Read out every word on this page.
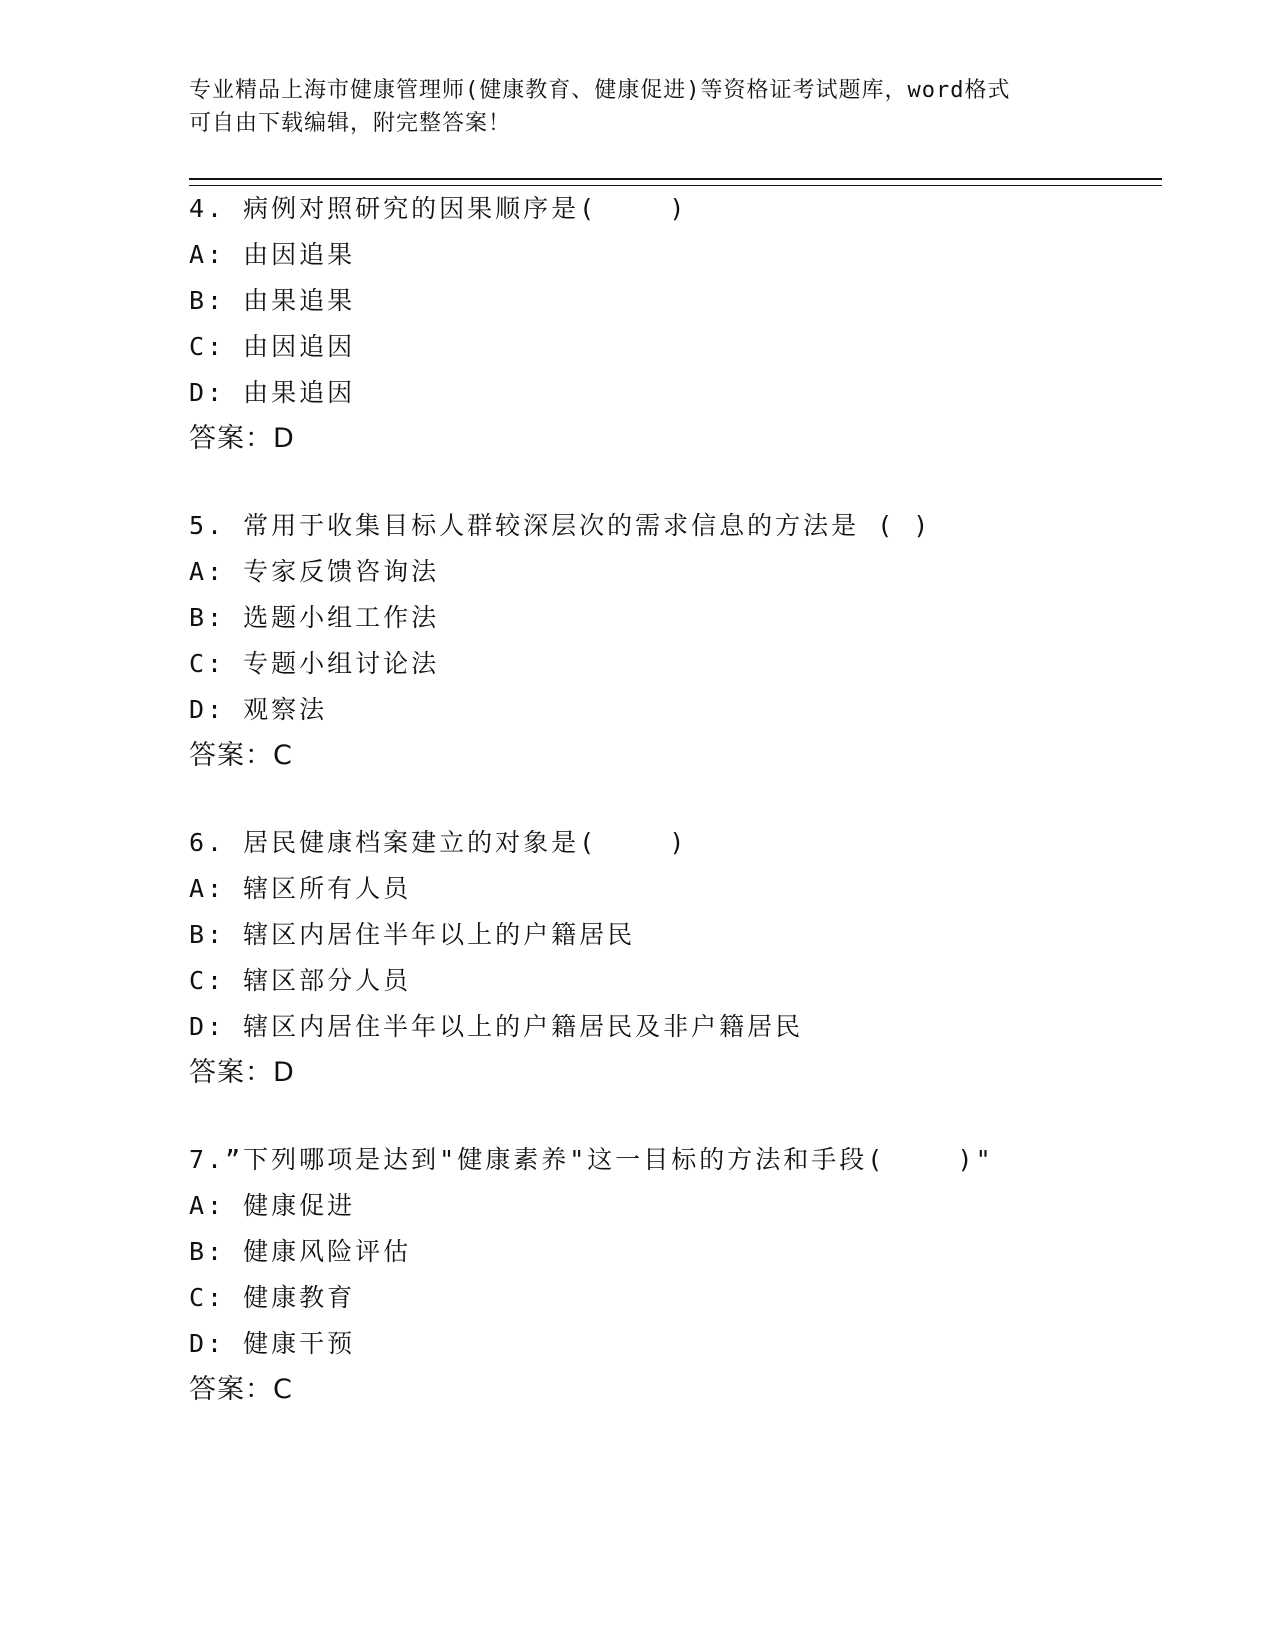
专业精品上海市健康管理师(健康教育、健康促进)等资格证考试题库，word格式
可自由下载编辑，附完整答案！
4. 病例对照研究的因果顺序是(    )
A: 由因追果
B: 由果追果
C: 由因追因
D: 由果追因
答案：D
5. 常用于收集目标人群较深层次的需求信息的方法是 ( )
A: 专家反馈咨询法
B: 选题小组工作法
C: 专题小组讨论法
D: 观察法
答案：C
6. 居民健康档案建立的对象是(    )
A: 辖区所有人员
B: 辖区内居住半年以上的户籍居民
C: 辖区部分人员
D: 辖区内居住半年以上的户籍居民及非户籍居民
答案：D
7.”下列哪项是达到"健康素养"这一目标的方法和手段(    )"
A: 健康促进
B: 健康风险评估
C: 健康教育
D: 健康干预
答案：C
